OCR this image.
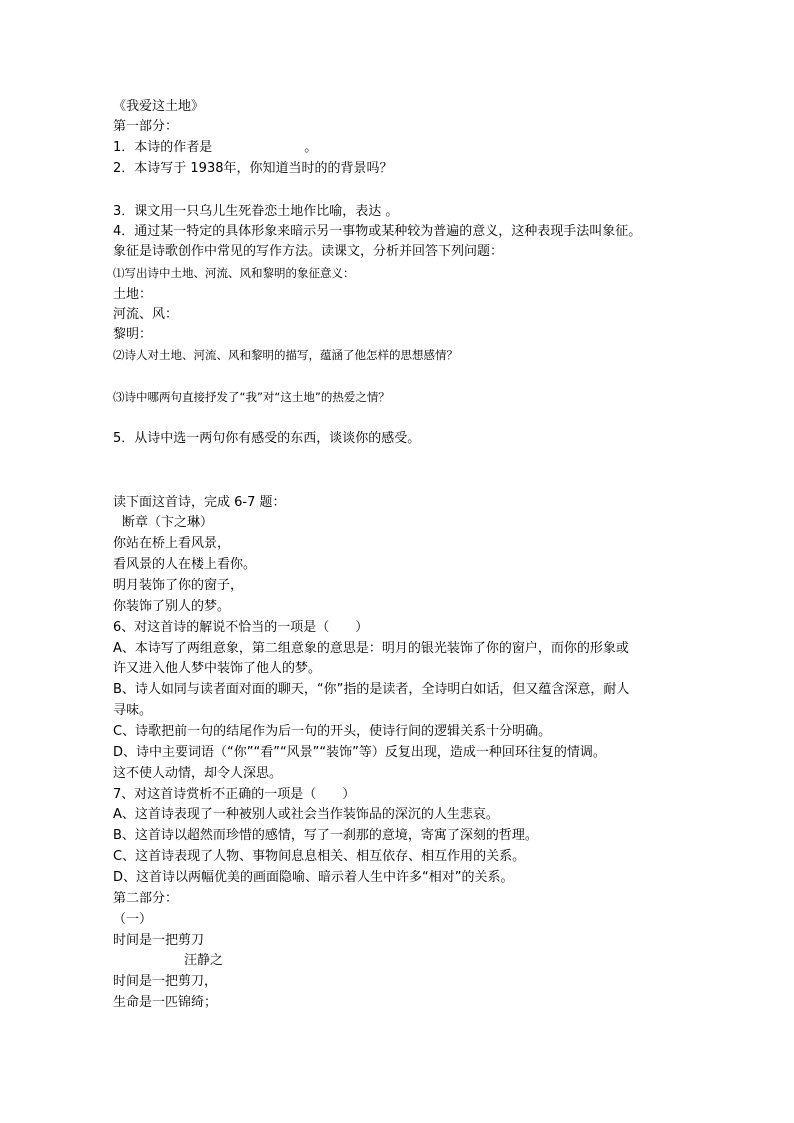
《我爱这土地》
第一部分：
1．本诗的作者是	。
2．本诗写于 1938年，你知道当时的的背景吗？
3．课文用一只乌儿生死眷恋土地作比喻，表达 。
4．通过某一特定的具体形象来暗示另一事物或某种较为普遍的意义，这种表现手法叫象征。
象征是诗歌创作中常见的写作方法。读课文，分析并回答下列问题：
⑴写出诗中土地、河流、风和黎明的象征意义：
土地：
河流、风：
黎明：
⑵诗人对土地、河流、风和黎明的描写，蕴涵了他怎样的思想感情？
⑶诗中哪两句直接抒发了“我”对“这土地”的热爱之情？
5．从诗中选一两句你有感受的东西，谈谈你的感受。
读下面这首诗，完成 6-7 题：
断章（卞之琳）
你站在桥上看风景，
看风景的人在楼上看你。
明月装饰了你的窗子，
你装饰了别人的梦。
6、对这首诗的解说不恰当的一项是（　　）
A、本诗写了两组意象，第二组意象的意思是：明月的银光装饰了你的窗户，而你的形象或
许又进入他人梦中装饰了他人的梦。
B、诗人如同与读者面对面的聊天，“你”指的是读者，全诗明白如话，但又蕴含深意，耐人
寻味。
C、诗歌把前一句的结尾作为后一句的开头，使诗行间的逻辑关系十分明确。
D、诗中主要词语（“你”“看”“风景”“装饰”等）反复出现，造成一种回环往复的情调。
这不使人动情，却令人深思。
7、对这首诗赏析不正确的一项是（　　）
A、这首诗表现了一种被别人或社会当作装饰品的深沉的人生悲哀。
B、这首诗以超然而珍惜的感情，写了一刹那的意境，寄寓了深刻的哲理。
C、这首诗表现了人物、事物间息息相关、相互依存、相互作用的关系。
D、这首诗以两幅优美的画面隐喻、暗示着人生中许多“相对”的关系。
第二部分：
（一）
时间是一把剪刀
汪静之
时间是一把剪刀，
生命是一匹锦绮；
